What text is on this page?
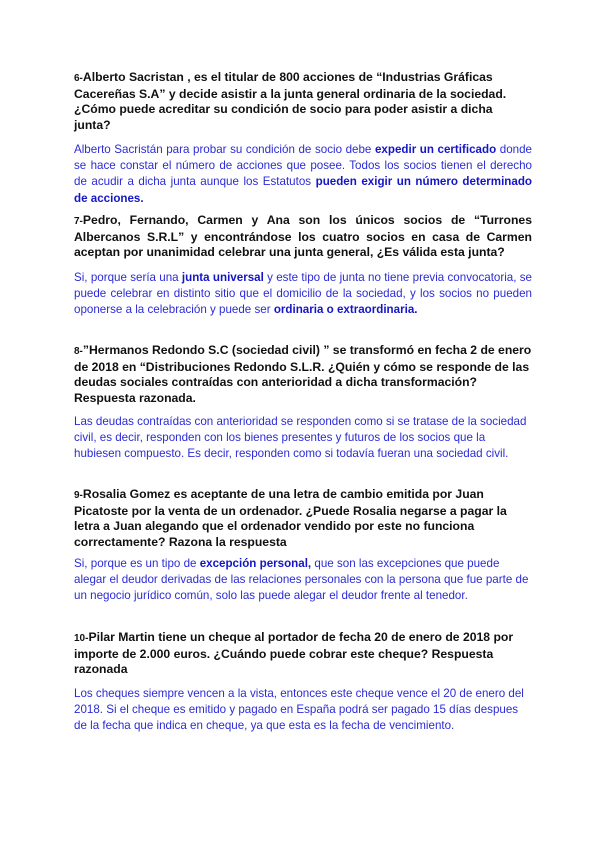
6-Alberto Sacristan , es el titular de 800 acciones de “Industrias Gráficas Cacereñas S.A” y decide asistir a la junta general ordinaria de la sociedad. ¿Cómo puede acreditar su condición de socio para poder asistir a dicha junta?

Alberto Sacristán para probar su condición de socio debe expedir un certificado donde se hace constar el número de acciones que posee. Todos los socios tienen el derecho de acudir a dicha junta aunque los Estatutos pueden exigir un número determinado de acciones.

7-Pedro, Fernando, Carmen y Ana son los únicos socios de “Turrones Albercanos S.R.L” y encontrándose los cuatro socios en casa de Carmen aceptan por unanimidad celebrar una junta general, ¿Es válida esta junta?

Si, porque sería una junta universal y este tipo de junta no tiene previa convocatoria, se puede celebrar en distinto sitio que el domicilio de la sociedad, y los socios no pueden oponerse a la celebración y puede ser ordinaria o extraordinaria.

8-”Hermanos Redondo S.C (sociedad civil) ” se transformó en fecha 2 de enero de 2018 en “Distribuciones Redondo S.L.R. ¿Quién y cómo se responde de las deudas sociales contraídas con anterioridad a dicha transformación? Respuesta razonada.

Las deudas contraídas con anterioridad se responden como si se tratase de la sociedad civil, es decir, responden con los bienes presentes y futuros de los socios que la hubiesen compuesto. Es decir, responden como si todavía fueran una sociedad civil.

9-Rosalia Gomez es aceptante de una letra de cambio emitida por Juan Picatoste por la venta de un ordenador. ¿Puede Rosalia negarse a pagar la letra a Juan alegando que el ordenador vendido por este no funciona correctamente? Razona la respuesta

Si, porque es un tipo de excepción personal, que son las excepciones que puede alegar el deudor derivadas de las relaciones personales con la persona que fue parte de un negocio jurídico común, solo las puede alegar el deudor frente al tenedor.

10-Pilar Martin tiene un cheque al portador de fecha 20 de enero de 2018 por importe de 2.000 euros. ¿Cuándo puede cobrar este cheque? Respuesta razonada

Los cheques siempre vencen a la vista, entonces este cheque vence el 20 de enero del 2018. Si el cheque es emitido y pagado en España podrá ser pagado 15 días despues de la fecha que indica en cheque, ya que esta es la fecha de vencimiento.
